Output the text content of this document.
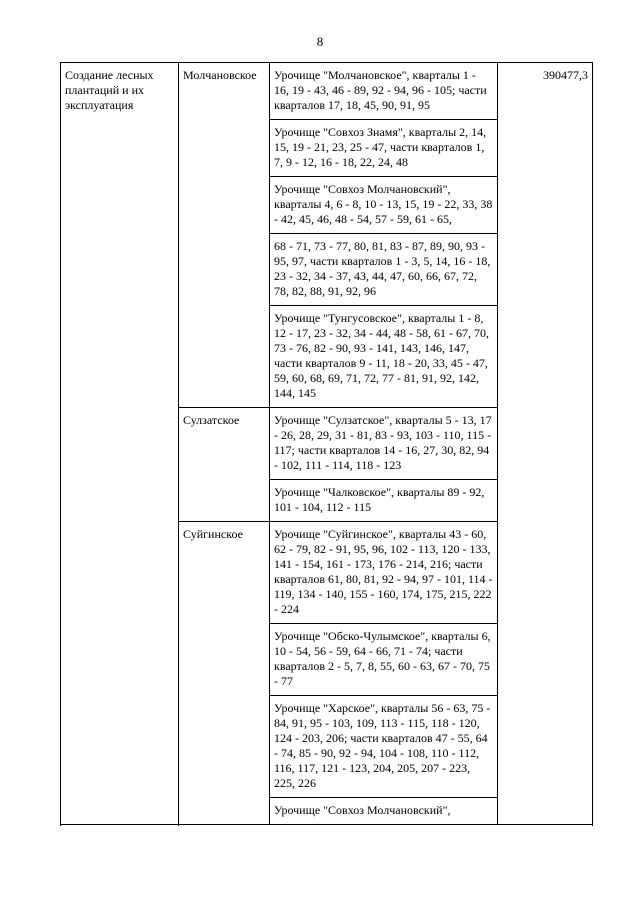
8
Создание лесных плантаций и их эксплуатация	Молчановское	Урочище "Молчановское", кварталы 1 - 16, 19 - 43, 46 - 89, 92 - 94, 96 - 105; части кварталов 17, 18, 45, 90, 91, 95	390477,3
		Урочище "Совхоз Знамя", кварталы 2, 14, 15, 19 - 21, 23, 25 - 47, части кварталов 1, 7, 9 - 12, 16 - 18, 22, 24, 48	
		Урочище "Совхоз Молчановский", кварталы 4, 6 - 8, 10 - 13, 15, 19 - 22, 33, 38 - 42, 45, 46, 48 - 54, 57 - 59, 61 - 65,	
		68 - 71, 73 - 77, 80, 81, 83 - 87, 89, 90, 93 - 95, 97, части кварталов 1 - 3, 5, 14, 16 - 18, 23 - 32, 34 - 37, 43, 44, 47, 60, 66, 67, 72, 78, 82, 88, 91, 92, 96	
		Урочище "Тунгусовское", кварталы 1 - 8, 12 - 17, 23 - 32, 34 - 44, 48 - 58, 61 - 67, 70, 73 - 76, 82 - 90, 93 - 141, 143, 146, 147, части кварталов 9 - 11, 18 - 20, 33, 45 - 47, 59, 60, 68, 69, 71, 72, 77 - 81, 91, 92, 142, 144, 145	
	Сулзатское	Урочище "Сулзатское", кварталы 5 - 13, 17 - 26, 28, 29, 31 - 81, 83 - 93, 103 - 110, 115 - 117; части кварталов 14 - 16, 27, 30, 82, 94 - 102, 111 - 114, 118 - 123	
		Урочище "Чалковское", кварталы 89 - 92, 101 - 104, 112 - 115	
	Суйгинское	Урочище "Суйгинское", кварталы 43 - 60, 62 - 79, 82 - 91, 95, 96, 102 - 113, 120 - 133, 141 - 154, 161 - 173, 176 - 214, 216; части кварталов 61, 80, 81, 92 - 94, 97 - 101, 114 - 119, 134 - 140, 155 - 160, 174, 175, 215, 222 - 224	
		Урочище "Обско-Чулымское", кварталы 6, 10 - 54, 56 - 59, 64 - 66, 71 - 74; части кварталов 2 - 5, 7, 8, 55, 60 - 63, 67 - 70, 75 - 77	
		Урочище "Харское", кварталы 56 - 63, 75 - 84, 91, 95 - 103, 109, 113 - 115, 118 - 120, 124 - 203, 206; части кварталов 47 - 55, 64 - 74, 85 - 90, 92 - 94, 104 - 108, 110 - 112, 116, 117, 121 - 123, 204, 205, 207 - 223, 225, 226	
		Урочище "Совхоз Молчановский",	
